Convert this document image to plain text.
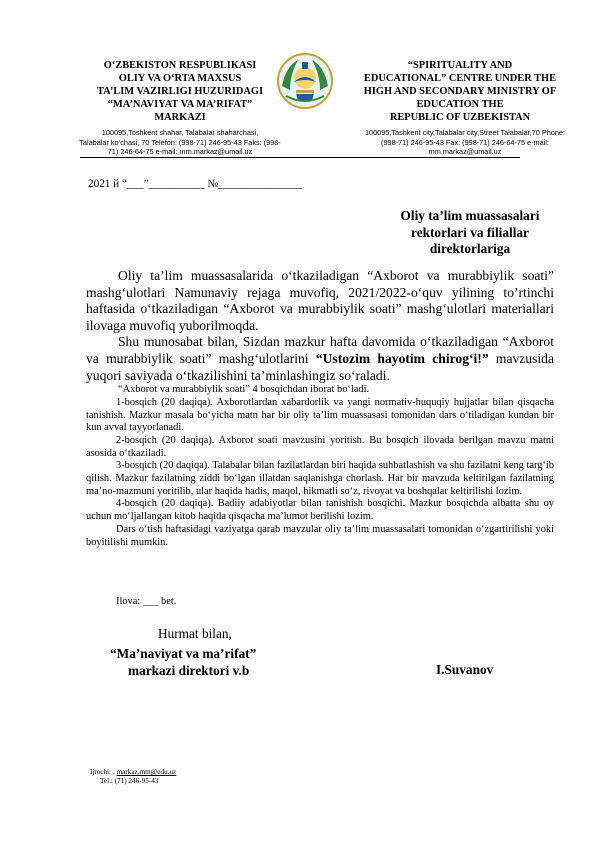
O‘ZBEKISTON RESPUBLIKASI
OLIY VA O‘RTA MAXSUS
TA’LIM VAZIRLIGI HUZURIDAGI
“MA’NAVIYAT VA MA’RIFAT”
MARKAZI
“SPIRITUALITY AND
EDUCATIONAL” CENTRE UNDER THE
HIGH AND SECONDARY MINISTRY OF
EDUCATION THE
REPUBLIC OF UZBEKISTAN
100095,Toshkent shahar, Talabalar shaharchasi,
Talabalar ko‘chasi, 70 Telefon: (998-71) 246-95-43 Faks: (998-
71) 246-64-75 e-mail: mm.markaz@umail.uz
100095,Tashkent city,Talabalar city,Street Talabalar,70 Phone:
(998-71) 246-95-43 Fax: (998-71) 246-64-75 e-mail:
mm.markaz@umail.uz
2021 й “___”__________ №_______________
Oliy ta’lim muassasalari
rektorlari va filiallar
direktorlariga

Oliy ta’lim muassasalarida o‘tkaziladigan “Axborot va murabbiylik soati” mashg‘ulotlari Namunaviy rejaga muvofiq, 2021/2022-o‘quv yilining to’rtinchi haftasida o‘tkaziladigan “Axborot va murabbiylik soati” mashg‘ulotlari materiallari ilovaga muvofiq yuborilmoqda.

Shu munosabat bilan, Sizdan mazkur hafta davomida o‘tkaziladigan “Axborot va murabbiylik soati” mashg‘ulotlarini “Ustozim hayotim chirog‘i!” mavzusida yuqori saviyada o‘tkazilishini ta’minlashingiz so‘raladi.

“Axborot va murabbiylik soati” 4 bosqichdan iborat bo‘ladi.

1-bosqich (20 daqiqa). Axborotlardan xabardorlik va yangi normativ-huquqiy hujjatlar bilan qisqacha tanishish. Mazkur masala bo‘yicha matn har bir oliy ta’lim muassasasi tomonidan dars o‘tiladigan kundan bir kun avval tayyorlanadi.

2-bosqich (20 daqiqa). Axborot soati mavzusini yoritish. Bu bosqich ilovada berilgan mavzu matni asosida o‘tkaziladi.

3-bosqich (20 daqiqa). Talabalar bilan fazilatlardan biri haqida suhbatlashish va shu fazilatni keng targ‘ib qilish. Mazkur fazilatning ziddi bo‘lgan illatdan saqlanishga chorlash. Har bir mavzuda keltirilgan fazilatning ma’no-mazmuni yoritilib, ular haqida hadis, maqol, hikmatli so‘z, rivoyat va boshqalar keltirilishi lozim.

4-bosqich (20 daqiqa). Badiiy adabiyotlar bilan tanishish bosqichi. Mazkur bosqichda albatta shu oy uchun mo‘ljallangan kitob haqida qisqacha ma’lumot berilishi lozim.

Dars o‘tish haftasidagi vaziyatga qarab mavzular oliy ta’lim muassasalari tomonidan o‘zgartirilishi yoki boyitilishi mumkin.

Ilova: ___ bet.
Hurmat bilan,
“Ma’naviyat va ma’rifat”
markazi direktori v.b	I.Suvanov
Ijrochi: , markaz.mm@edu.uz
Tel.: (71) 246-95-43
